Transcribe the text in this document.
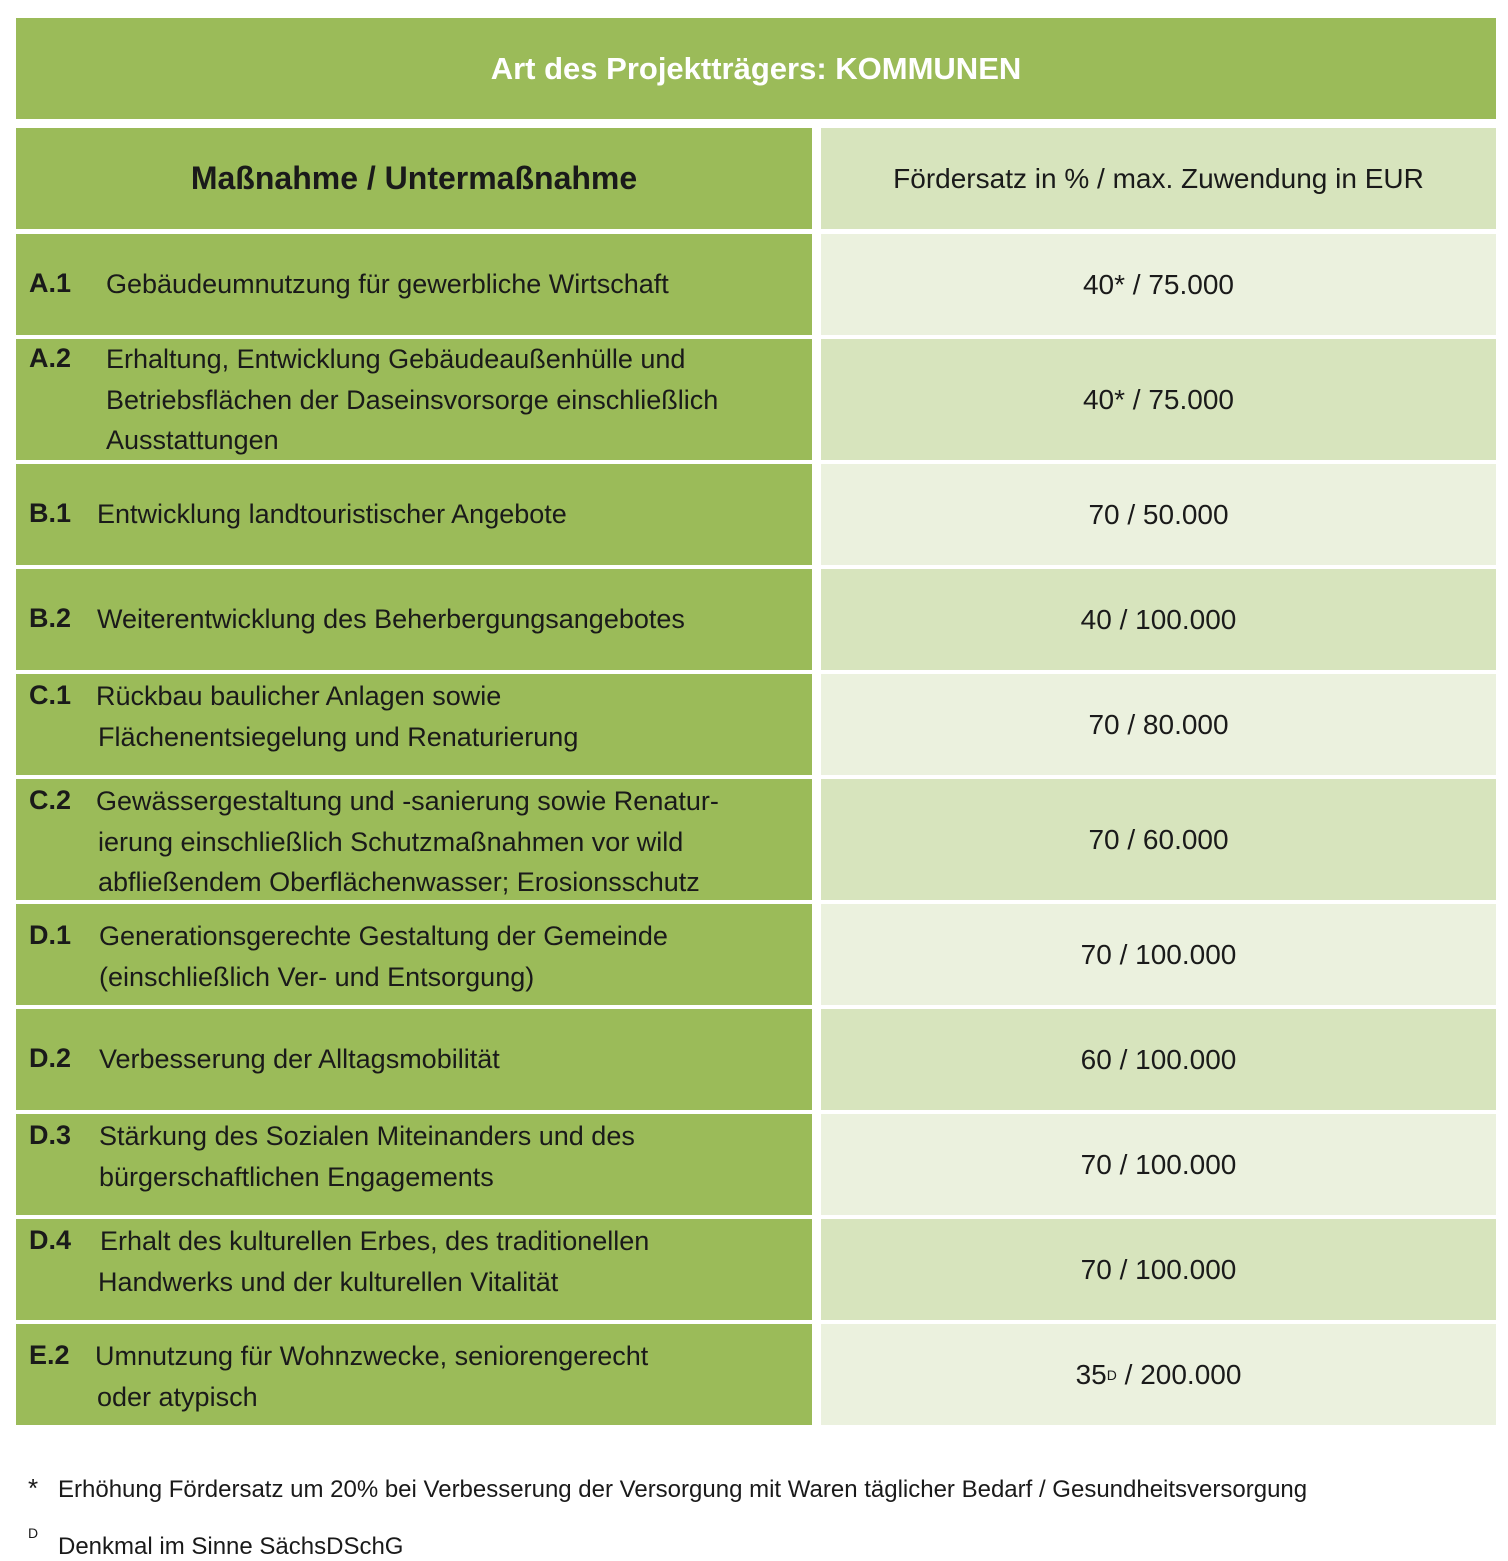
Art des Projektträgers: KOMMUNEN
Maßnahme / Untermaßnahme	Fördersatz in % / max. Zuwendung in EUR
A.1 Gebäudeumnutzung für gewerbliche Wirtschaft	40* / 75.000
A.2 Erhaltung, Entwicklung Gebäudeaußenhülle und
Betriebsflächen der Daseinsvorsorge einschließlich
Ausstattungen
40* / 75.000
B.1 Entwicklung landtouristischer Angebote	70 / 50.000
B.2 Weiterentwicklung des Beherbergungsangebotes	40 / 100.000
C.1 Rückbau baulicher Anlagen sowie
Flächenentsiegelung und Renaturierung	70 / 80.000
C.2 Gewässergestaltung und -sanierung sowie Renatur-
ierung einschließlich Schutzmaßnahmen vor wild
abfließendem Oberflächenwasser; Erosionsschutz
70 / 60.000
D.1 Generationsgerechte Gestaltung der Gemeinde
(einschließlich Ver- und Entsorgung)
70 / 100.000
D.2 Verbesserung der Alltagsmobilität	60 / 100.000
D.3 Stärkung des Sozialen Miteinanders und des
bürgerschaftlichen Engagements	70 / 100.000
D.4 Erhalt des kulturellen Erbes, des traditionellen
Handwerks und der kulturellen Vitalität	70 / 100.000
E.2 Umnutzung für Wohnzwecke, seniorengerecht
oder atypisch
35 D / 200.000
* Erhöhung Fördersatz um 20% bei Verbesserung der Versorgung mit Waren täglicher Bedarf / Gesundheitsversorgung
D Denkmal im Sinne SächsDSchG
